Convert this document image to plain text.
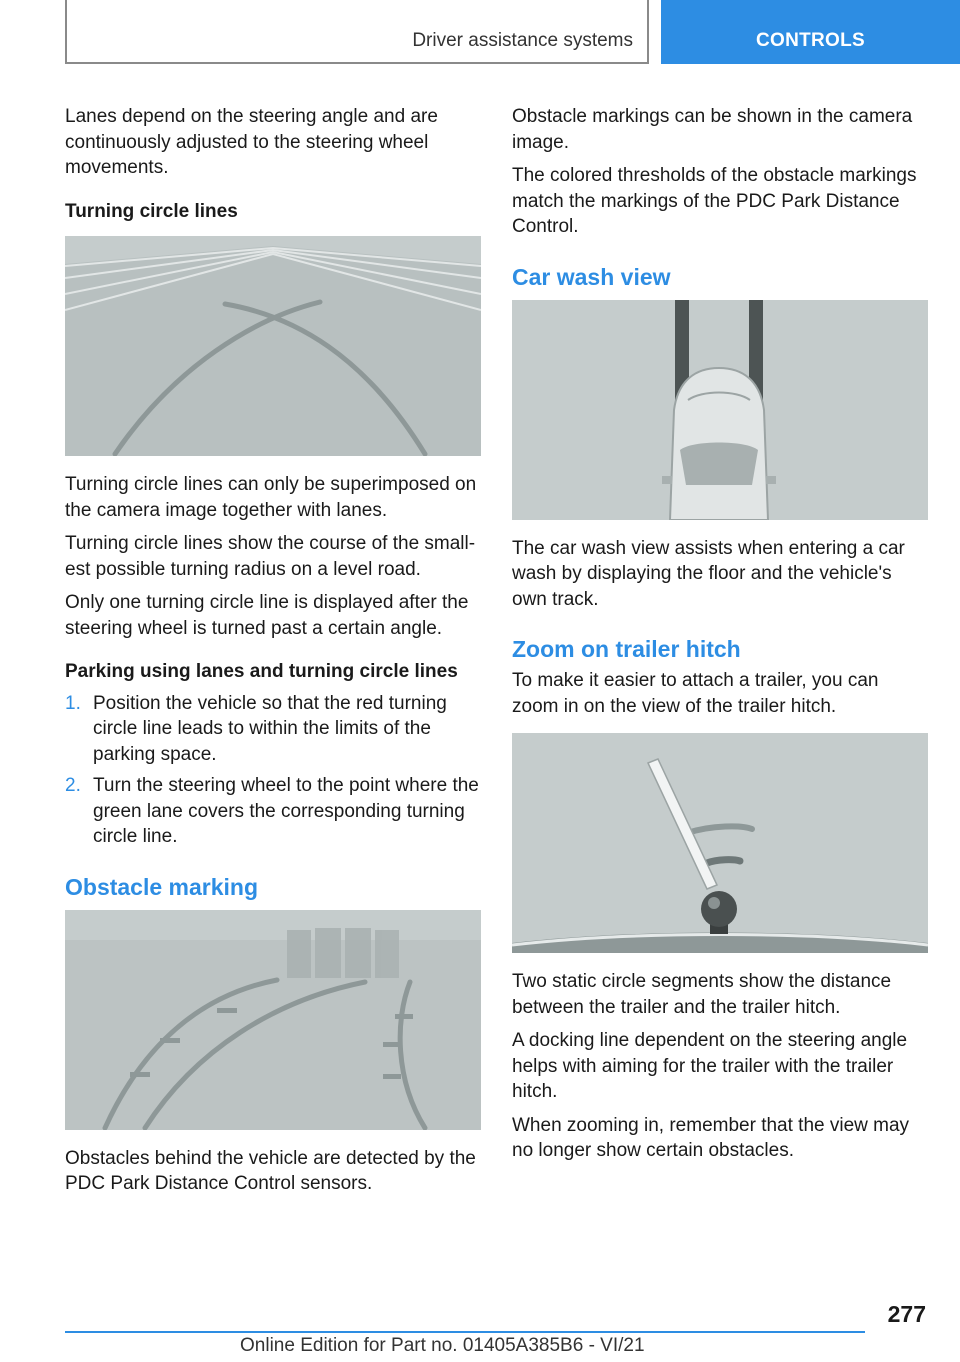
Driver assistance systems	CONTROLS

Lanes depend on the steering angle and are continuously adjusted to the steering wheel movements.

Turning circle lines

Turning circle lines can only be superimposed on the camera image together with lanes.

Turning circle lines show the course of the smallest possible turning radius on a level road.

Only one turning circle line is displayed after the steering wheel is turned past a certain angle.

Parking using lanes and turning circle lines

1. Position the vehicle so that the red turning circle line leads to within the limits of the parking space.
2. Turn the steering wheel to the point where the green lane covers the corresponding turning circle line.

Obstacle marking

Obstacles behind the vehicle are detected by the PDC Park Distance Control sensors.

Obstacle markings can be shown in the camera image.

The colored thresholds of the obstacle markings match the markings of the PDC Park Distance Control.

Car wash view

The car wash view assists when entering a car wash by displaying the floor and the vehicle's own track.

Zoom on trailer hitch

To make it easier to attach a trailer, you can zoom in on the view of the trailer hitch.

Two static circle segments show the distance between the trailer and the trailer hitch.

A docking line dependent on the steering angle helps with aiming for the trailer with the trailer hitch.

When zooming in, remember that the view may no longer show certain obstacles.

277
Online Edition for Part no. 01405A385B6 - VI/21
